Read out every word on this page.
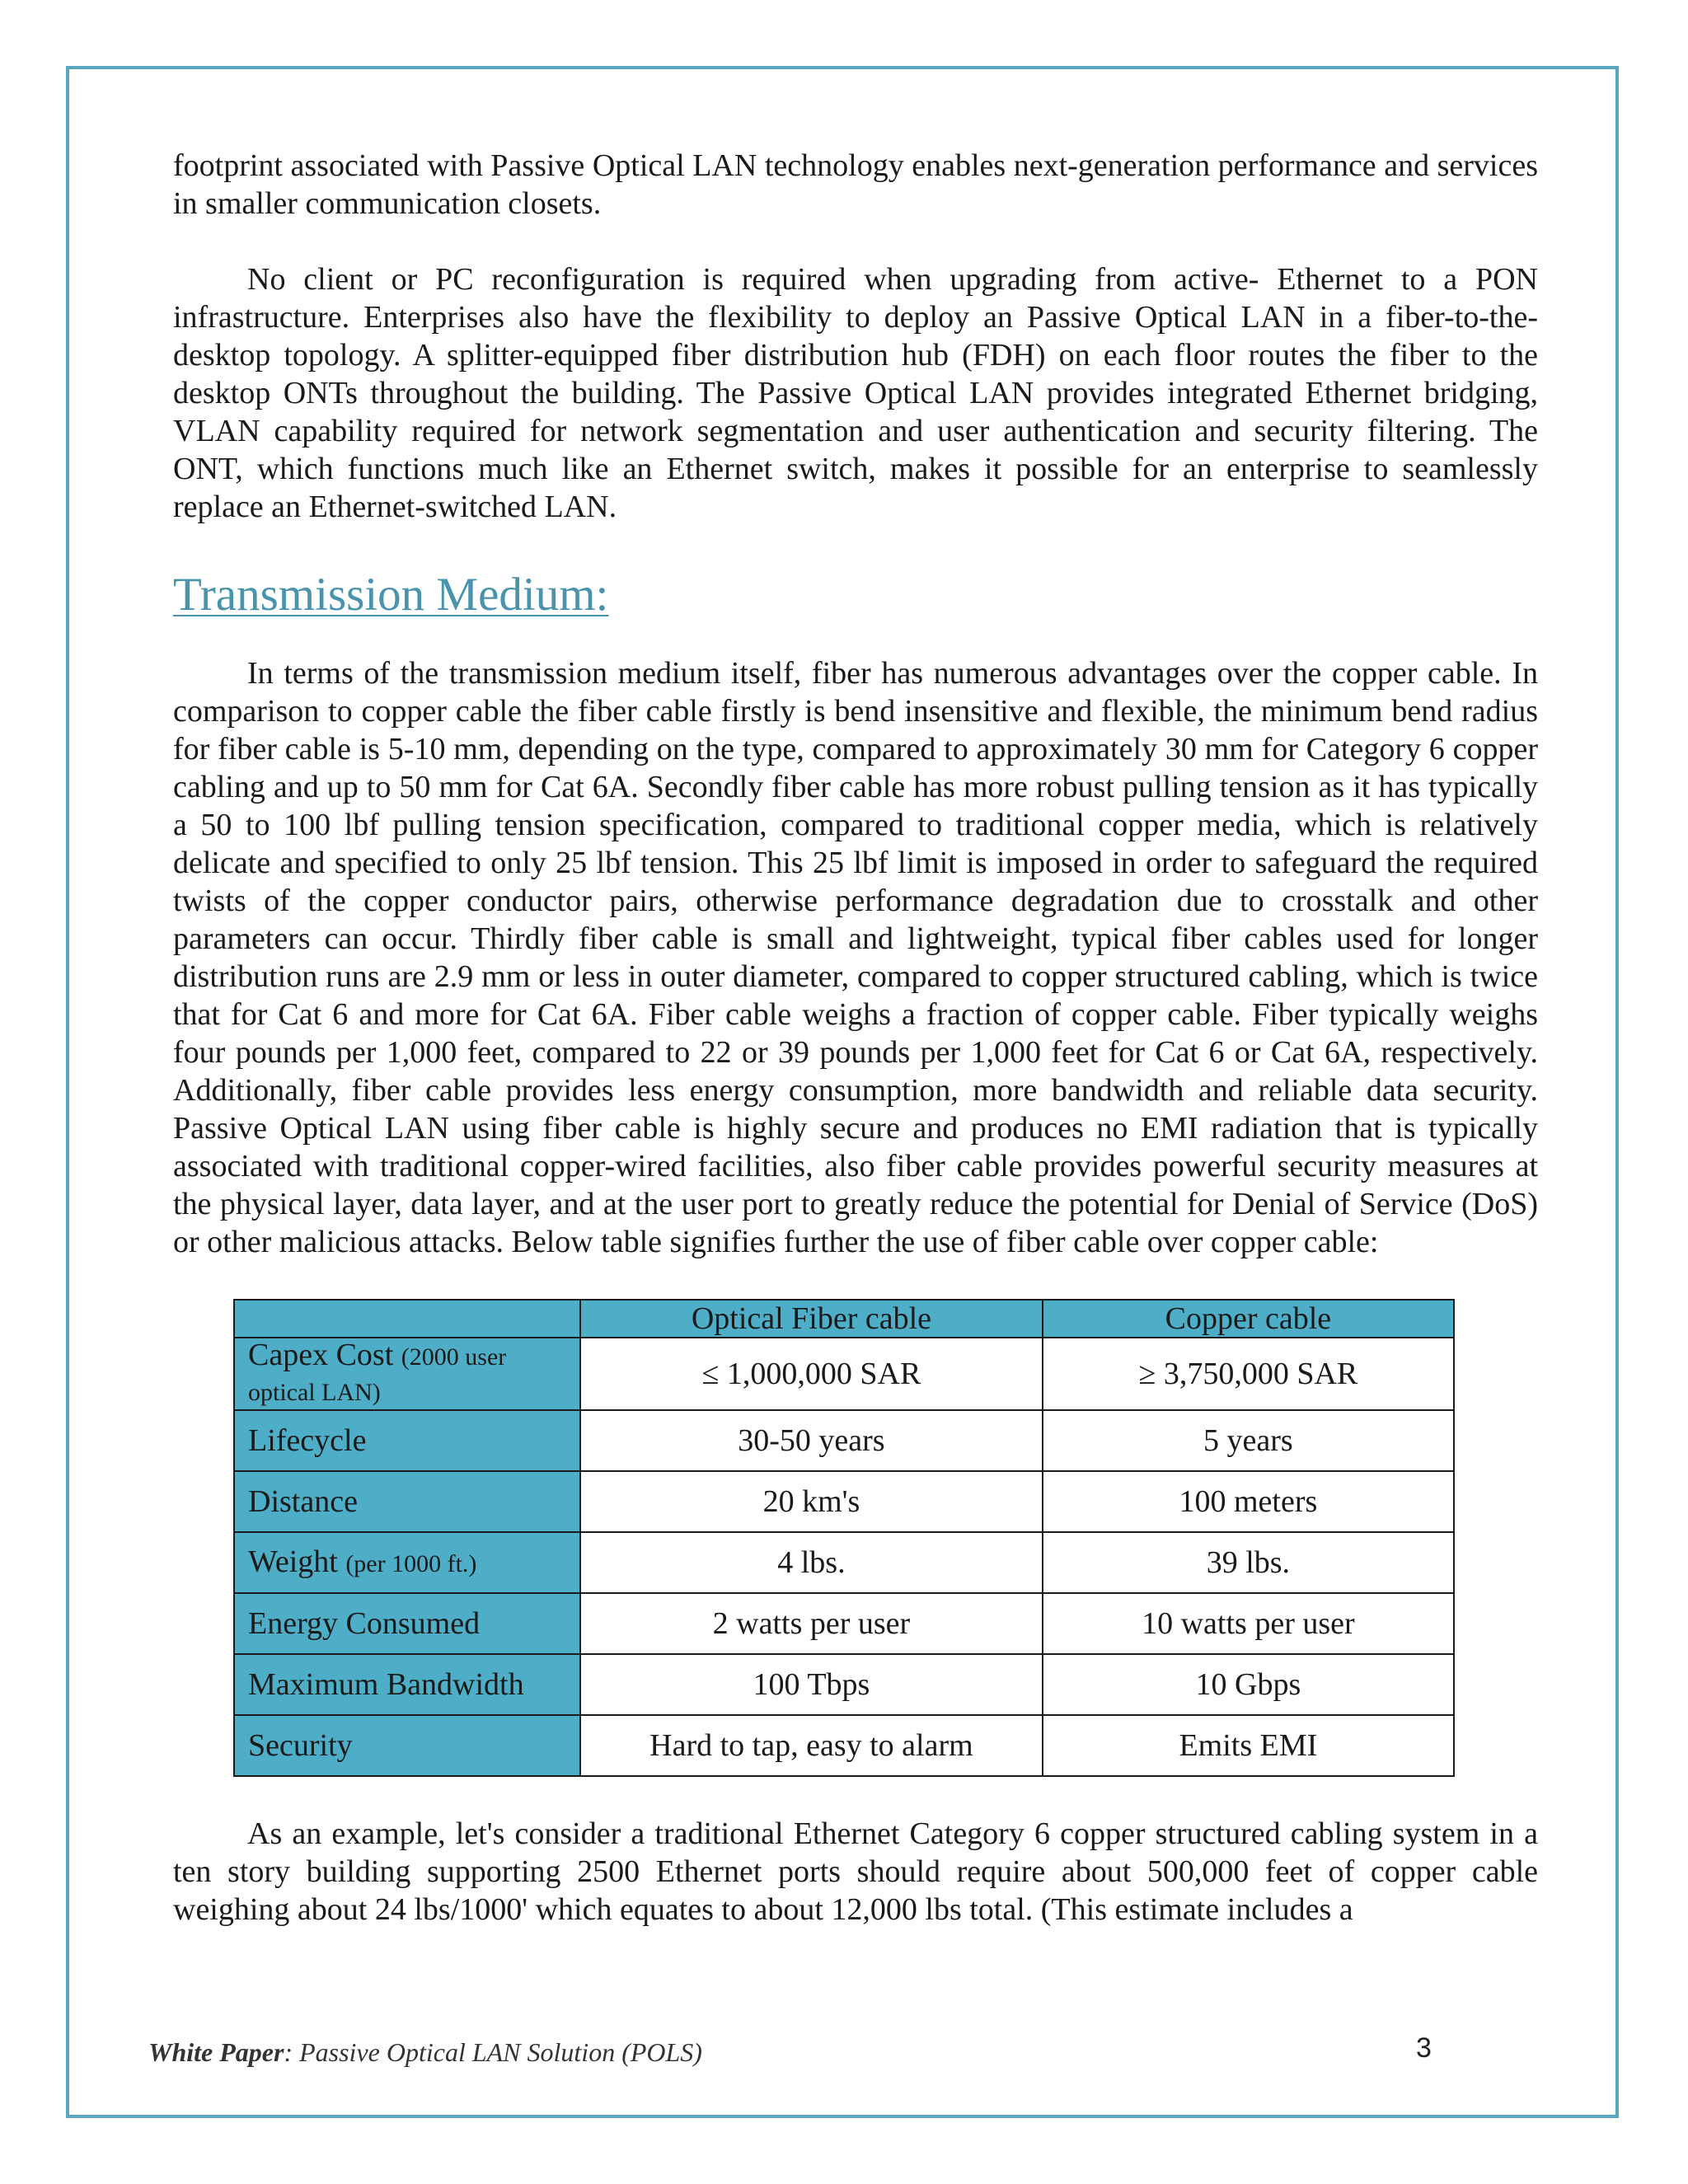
footprint associated with Passive Optical LAN technology enables next-generation performance and services in smaller communication closets.

No client or PC reconfiguration is required when upgrading from active- Ethernet to a PON infrastructure. Enterprises also have the flexibility to deploy an Passive Optical LAN in a fiber-to-the-desktop topology. A splitter-equipped fiber distribution hub (FDH) on each floor routes the fiber to the desktop ONTs throughout the building. The Passive Optical LAN provides integrated Ethernet bridging, VLAN capability required for network segmentation and user authentication and security filtering. The ONT, which functions much like an Ethernet switch, makes it possible for an enterprise to seamlessly replace an Ethernet-switched LAN.

Transmission Medium:

In terms of the transmission medium itself, fiber has numerous advantages over the copper cable. In comparison to copper cable the fiber cable firstly is bend insensitive and flexible, the minimum bend radius for fiber cable is 5-10 mm, depending on the type, compared to approximately 30 mm for Category 6 copper cabling and up to 50 mm for Cat 6A. Secondly fiber cable has more robust pulling tension as it has typically a 50 to 100 lbf pulling tension specification, compared to traditional copper media, which is relatively delicate and specified to only 25 lbf tension. This 25 lbf limit is imposed in order to safeguard the required twists of the copper conductor pairs, otherwise performance degradation due to crosstalk and other parameters can occur. Thirdly fiber cable is small and lightweight, typical fiber cables used for longer distribution runs are 2.9 mm or less in outer diameter, compared to copper structured cabling, which is twice that for Cat 6 and more for Cat 6A. Fiber cable weighs a fraction of copper cable. Fiber typically weighs four pounds per 1,000 feet, compared to 22 or 39 pounds per 1,000 feet for Cat 6 or Cat 6A, respectively. Additionally, fiber cable provides less energy consumption, more bandwidth and reliable data security. Passive Optical LAN using fiber cable is highly secure and produces no EMI radiation that is typically associated with traditional copper-wired facilities, also fiber cable provides powerful security measures at the physical layer, data layer, and at the user port to greatly reduce the potential for Denial of Service (DoS) or other malicious attacks. Below table signifies further the use of fiber cable over copper cable:

	Optical Fiber cable	Copper cable
Capex Cost (2000 user optical LAN)	≤ 1,000,000 SAR	≥ 3,750,000 SAR
Lifecycle	30-50 years	5 years
Distance	20 km's	100 meters
Weight (per 1000 ft.)	4 lbs.	39 lbs.
Energy Consumed	2 watts per user	10 watts per user
Maximum Bandwidth	100 Tbps	10 Gbps
Security	Hard to tap, easy to alarm	Emits EMI

As an example, let's consider a traditional Ethernet Category 6 copper structured cabling system in a ten story building supporting 2500 Ethernet ports should require about 500,000 feet of copper cable weighing about 24 lbs/1000' which equates to about 12,000 lbs total. (This estimate includes a

White Paper: Passive Optical LAN Solution (POLS)	3
